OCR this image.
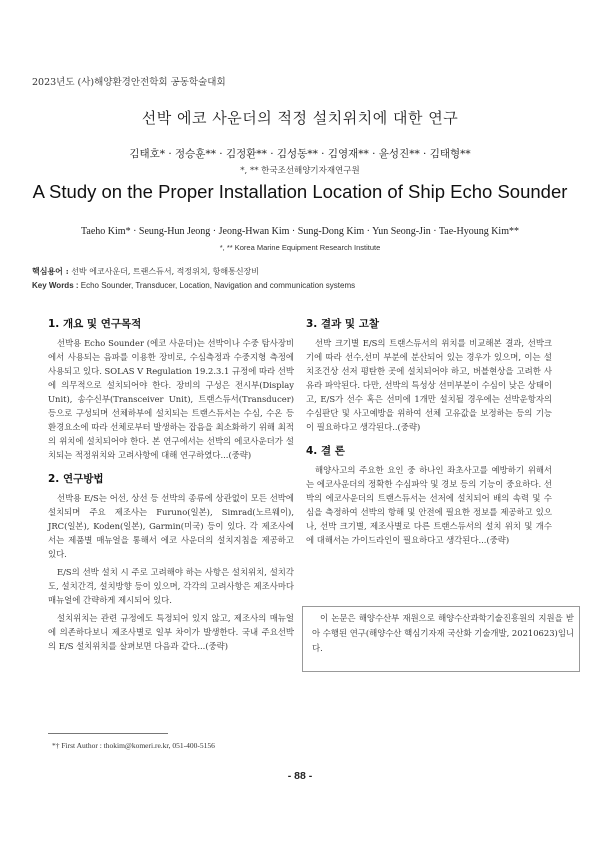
2023년도 (사)해양환경안전학회 공동학술대회
선박 에코 사운더의 적정 설치위치에 대한 연구
김태호* · 정승훈** · 김정환** · 김성동** · 김영재** · 윤성진** · 김태형**
*, ** 한국조선해양기자재연구원
A Study on the Proper Installation Location of Ship Echo Sounder
Taeho Kim* · Seung-Hun Jeong · Jeong-Hwan Kim · Sung-Dong Kim · Yun Seong-Jin · Tae-Hyoung Kim**
*, ** Korea Marine Equipment Research Institute
핵심용어 : 선박 에코사운더, 트랜스듀서, 적정위치, 항해통신장비
Key Words : Echo Sounder, Transducer, Location, Navigation and communication systems
1. 개요 및 연구목적

선박용 Echo Sounder (에코 사운더)는 선박이나 수중 탐사장비에서 사용되는 음파를 이용한 장비로, 수심측정과 수중지형 측정에 사용되고 있다. SOLAS V Regulation 19.2.3.1 규정에 따라 선박에 의무적으로 설치되어야 한다. 장비의 구성은 전시부(Display Unit), 송수신부(Transceiver Unit), 트랜스듀서(Transducer) 등으로 구성되며 선체하부에 설치되는 트랜스듀서는 수심, 수온 등 환경요소에 따라 선체로부터 발생하는 잡음을 최소화하기 위해 최적의 위치에 설치되어야 한다. 본 연구에서는 선박의 에코사운더가 설치되는 적정위치와 고려사항에 대해 연구하였다...(중략)

2. 연구방법

선박용 E/S는 어선, 상선 등 선박의 종류에 상관없이 모든 선박에 설치되며 주요 제조사는 Furuno(일본), Simrad(노르웨이), JRC(일본), Koden(일본), Garmin(미국) 등이 있다. 각 제조사에서는 제품별 매뉴얼을 통해서 에코 사운더의 설치지침을 제공하고 있다.

E/S의 선박 설치 시 주로 고려해야 하는 사항은 설치위치, 설치각도, 설치간격, 설치방향 등이 있으며, 각각의 고려사항은 제조사마다 매뉴얼에 간략하게 제시되어 있다.

설치위치는 관련 규정에도 특정되어 있지 않고, 제조사의 매뉴얼에 의존하다보니 제조사별로 일부 차이가 발생한다. 국내 주요선박의 E/S 설치위치를 살펴보면 다음과 같다...(중략)

3. 결과 및 고찰

선박 크기별 E/S의 트랜스듀서의 위치를 비교해본 결과, 선박크기에 따라 선수,선미 부분에 분산되어 있는 경우가 있으며, 이는 설치조건상 선저 평탄한 곳에 설치되어야 하고, 버블현상을 고려한 사유라 파악된다. 다만, 선박의 특성상 선미부분이 수심이 낮은 상태이고, E/S가 선수 혹은 선미에 1개만 설치될 경우에는 선박운항자의 수심판단 및 사고예방을 위하여 선체 고유값을 보정하는 등의 기능이 필요하다고 생각된다..(중략)

4. 결 론

해양사고의 주요한 요인 중 하나인 좌초사고를 예방하기 위해서는 에코사운더의 정확한 수심파악 및 경보 등의 기능이 중요하다. 선박의 에코사운더의 트랜스듀서는 선저에 설치되어 배의 속력 및 수심을 측정하여 선박의 항해 및 안전에 필요한 정보를 제공하고 있으나, 선박 크기별, 제조사별로 다른 트랜스듀서의 설치 위치 및 개수에 대해서는 가이드라인이 필요하다고 생각된다...(중략)

이 논문은 해양수산부 재원으로 해양수산과학기술진흥원의 지원을 받아 수행된 연구(해양수산 핵심기자재 국산화 기술개발, 20210623)임니다.
*† First Author : thokim@komeri.re.kr, 051-400-5156
- 88 -
